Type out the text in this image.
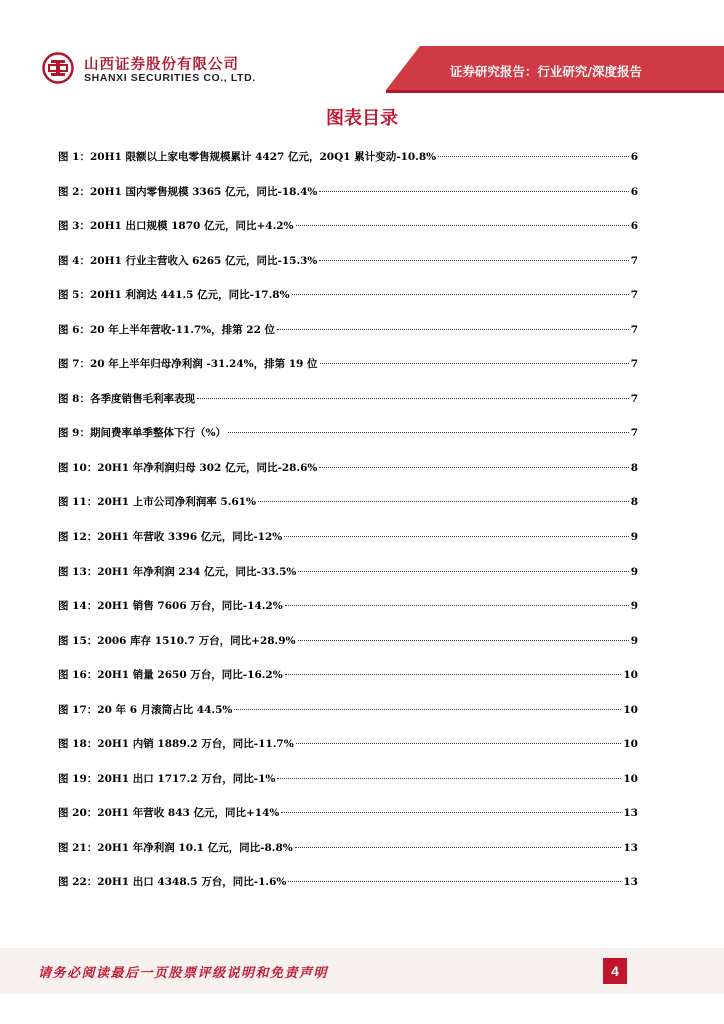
证券研究报告：行业研究/深度报告
山西证券股份有限公司
SHANXI SECURITIES CO., LTD.
图表目录
图 1：20H1 限额以上家电零售规模累计 4427 亿元，20Q1 累计变动-10.8%	6
图 2：20H1 国内零售规模 3365 亿元，同比-18.4%	6
图 3：20H1 出口规模 1870 亿元，同比+4.2%	6
图 4：20H1 行业主营收入 6265 亿元，同比-15.3%	7
图 5：20H1 利润达 441.5 亿元，同比-17.8%	7
图 6：20 年上半年营收-11.7%，排第 22 位	7
图 7：20 年上半年归母净利润 -31.24%，排第 19 位	7
图 8：各季度销售毛利率表现	7
图 9：期间费率单季整体下行（%）	7
图 10：20H1 年净利润归母 302 亿元，同比-28.6%	8
图 11：20H1 上市公司净利润率 5.61%	8
图 12：20H1 年营收 3396 亿元，同比-12%	9
图 13：20H1 年净利润 234 亿元，同比-33.5%	9
图 14：20H1 销售 7606 万台，同比-14.2%	9
图 15：2006 库存 1510.7 万台，同比+28.9%	9
图 16：20H1 销量 2650 万台，同比-16.2%	10
图 17：20 年 6 月滚筒占比 44.5%	10
图 18：20H1 内销 1889.2 万台，同比-11.7%	10
图 19：20H1 出口 1717.2 万台，同比-1%	10
图 20：20H1 年营收 843 亿元，同比+14%	13
图 21：20H1 年净利润 10.1 亿元，同比-8.8%	13
图 22：20H1 出口 4348.5 万台，同比-1.6%	13
请务必阅读最后一页股票评级说明和免责声明	4
